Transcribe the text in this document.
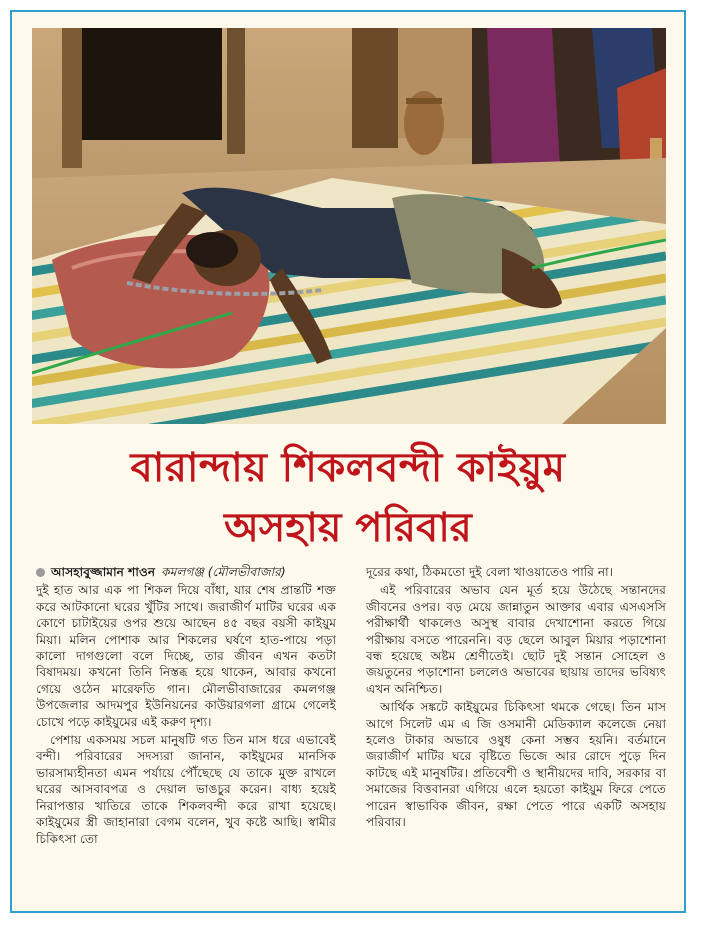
বারান্দায় শিকলবন্দী কাইয়ুম
অসহায় পরিবার
আসহাবুজ্জামান শাওন কমলগঞ্জ (মৌলভীবাজার)

দুই হাত আর এক পা শিকল দিয়ে বাঁধা, যার শেষ প্রান্তটি শক্ত করে আটকানো ঘরের খুঁটির সাথে। জরাজীর্ণ মাটির ঘরের এক কোণে চাটাইয়ের ওপর শুয়ে আছেন ৪৫ বছর বয়সী কাইয়ুম মিয়া। মলিন পোশাক আর শিকলের ঘর্ষণে হাত-পায়ে পড়া কালো দাগগুলো বলে দিচ্ছে, তার জীবন এখন কতটা বিষাদময়। কখনো তিনি নিস্তব্ধ হয়ে থাকেন, আবার কখনো গেয়ে ওঠেন মারেফতি গান। মৌলভীবাজারের কমলগঞ্জ উপজেলার আদমপুর ইউনিয়নের কাউয়ারগলা গ্রামে গেলেই চোখে পড়ে কাইয়ুমের এই করুণ দৃশ্য।

পেশায় একসময় সচল মানুষটি গত তিন মাস ধরে এভাবেই বন্দী। পরিবারের সদস্যরা জানান, কাইয়ুমের মানসিক ভারসাম্যহীনতা এমন পর্যায়ে পৌঁছেছে যে তাকে মুক্ত রাখলে ঘরের আসবাবপত্র ও দেয়াল ভাঙচুর করেন। বাধ্য হয়েই নিরাপত্তার খাতিরে তাকে শিকলবন্দী করে রাখা হয়েছে। কাইয়ুমের স্ত্রী জাহানারা বেগম বলেন, খুব কষ্টে আছি। স্বামীর চিকিৎসা তো

দূরের কথা, ঠিকমতো দুই বেলা খাওয়াতেও পারি না।

এই পরিবারের অভাব যেন মূর্ত হয়ে উঠেছে সন্তানদের জীবনের ওপর। বড় মেয়ে জান্নাতুন আক্তার এবার এসএসসি পরীক্ষার্থী থাকলেও অসুস্থ বাবার দেখাশোনা করতে গিয়ে পরীক্ষায় বসতে পারেননি। বড় ছেলে আবুল মিয়ার পড়াশোনা বন্ধ হয়েছে অষ্টম শ্রেণীতেই। ছোট দুই সন্তান সোহেল ও জয়তুনের পড়াশোনা চললেও অভাবের ছায়ায় তাদের ভবিষ্যৎ এখন অনিশ্চিত।

আর্থিক সঙ্কটে কাইয়ুমের চিকিৎসা থমকে গেছে। তিন মাস আগে সিলেট এম এ জি ওসমানী মেডিক্যাল কলেজে নেয়া হলেও টাকার অভাবে ওষুধ কেনা সম্ভব হয়নি। বর্তমানে জরাজীর্ণ মাটির ঘরে বৃষ্টিতে ভিজে আর রোদে পুড়ে দিন কাটছে এই মানুষটির। প্রতিবেশী ও স্থানীয়দের দাবি, সরকার বা সমাজের বিত্তবানরা এগিয়ে এলে হয়তো কাইয়ুম ফিরে পেতে পারেন স্বাভাবিক জীবন, রক্ষা পেতে পারে একটি অসহায় পরিবার।
